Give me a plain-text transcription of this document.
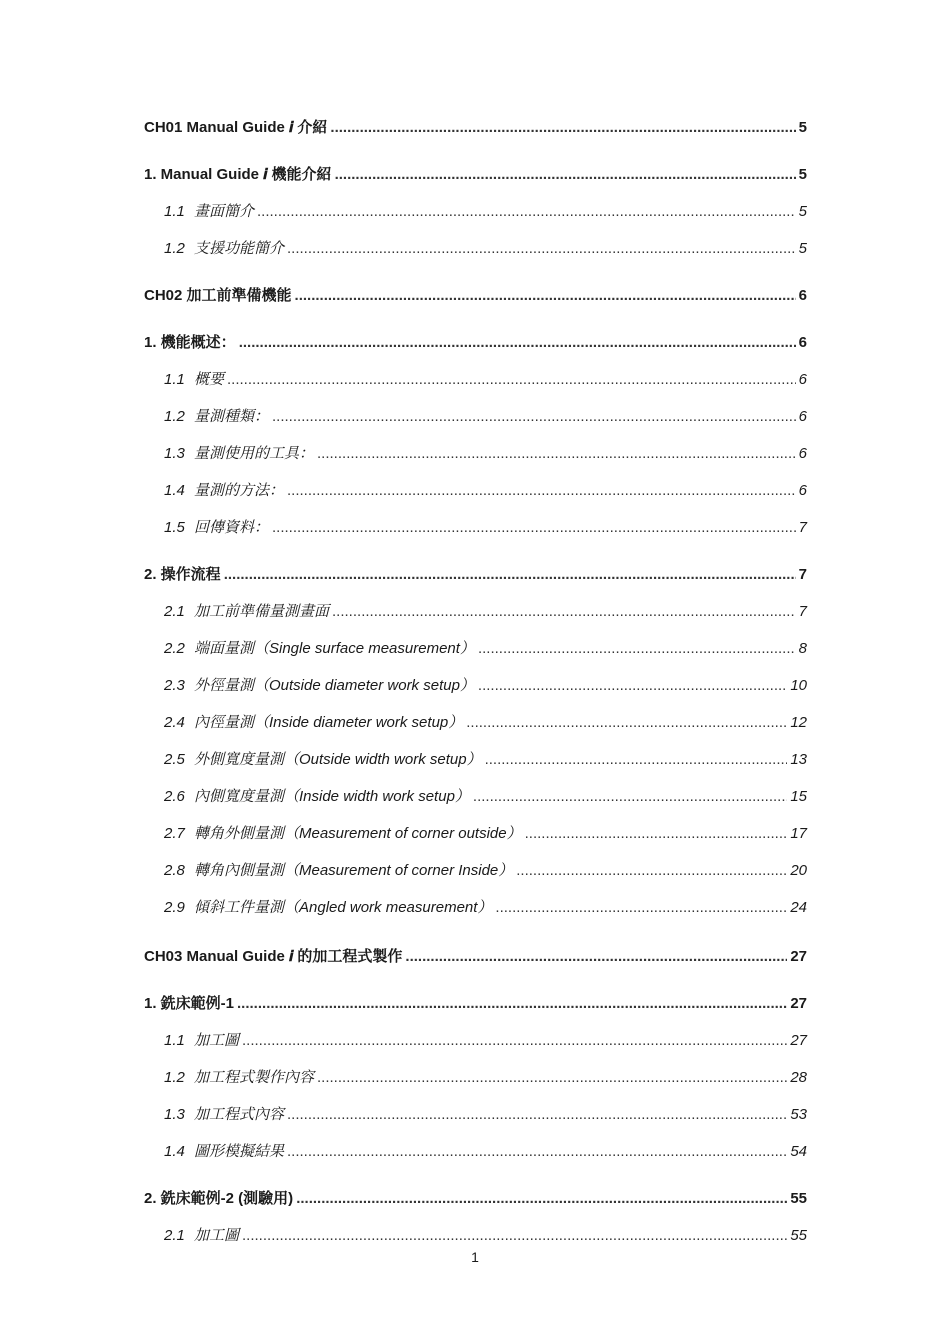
CH01 Manual Guide 𝒊 介紹 .....	5
1. Manual Guide 𝒊 機能介紹 .....	5
1.1 畫面簡介 .....	5
1.2 支援功能簡介 .....	5
CH02 加工前準備機能 .....	6
1. 機能概述： .....	6
1.1 概要 .....	6
1.2 量測種類： .....	6
1.3 量測使用的工具： .....	6
1.4 量測的方法： .....	6
1.5 回傳資料： .....	7
2. 操作流程 .....	7
2.1 加工前準備量測畫面 .....	7
2.2 端面量測（Single surface measurement） .....	8
2.3 外徑量測（Outside diameter work setup） .....	10
2.4 內徑量測（Inside diameter work setup） .....	12
2.5 外側寬度量測（Outside width work setup） .....	13
2.6 內側寬度量測（Inside width work setup） .....	15
2.7 轉角外側量測（Measurement of corner outside） .....	17
2.8 轉角內側量測（Measurement of corner Inside） .....	20
2.9 傾斜工件量測（Angled work measurement） .....	24
CH03 Manual Guide 𝒊 的加工程式製作 .....	27
1. 銑床範例-1 .....	27
1.1 加工圖 .....	27
1.2 加工程式製作內容 .....	28
1.3 加工程式內容 .....	53
1.4 圖形模擬結果 .....	54
2. 銑床範例-2 (測驗用) .....	55
2.1 加工圖 .....	55
1
